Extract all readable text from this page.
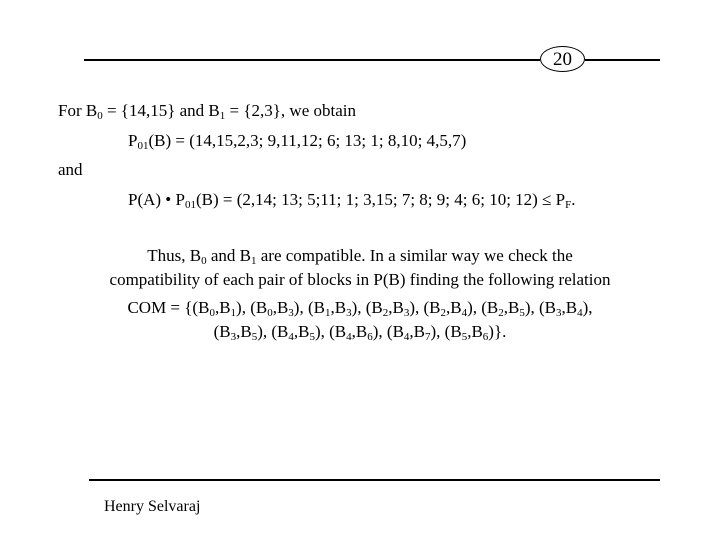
20
For $B_0 = \{14,15\}$ and $B_1 = \{2,3\}$, we obtain
$P_{01}(B) = (14,15,2,3$; 9,11,12; 6; 13; 1; 8,10; 4,5,7)
and
P(A) • $P_{01}(B) = (2,14$; 13; 5;11; 1; 3,15; 7; 8; 9; 4; 6; 10; $12) \le P_F$.
Thus, $B_0$ and $B_1$ are compatible. In a similar way we check the
compatibility of each pair of blocks in P(B) finding the following relation
COM = {$(B_0,B_1)$, $(B_0,B_3)$, $(B_1,B_3)$, $(B_2,B_3)$, $(B_2,B_4)$, $(B_2,B_5)$, $(B_3,B_4)$,
$(B_3,B_5)$, $(B_4,B_5)$, $(B_4,B_6)$, $(B_4,B_7)$, $(B_5,B_6)$}.
Henry Selvaraj
